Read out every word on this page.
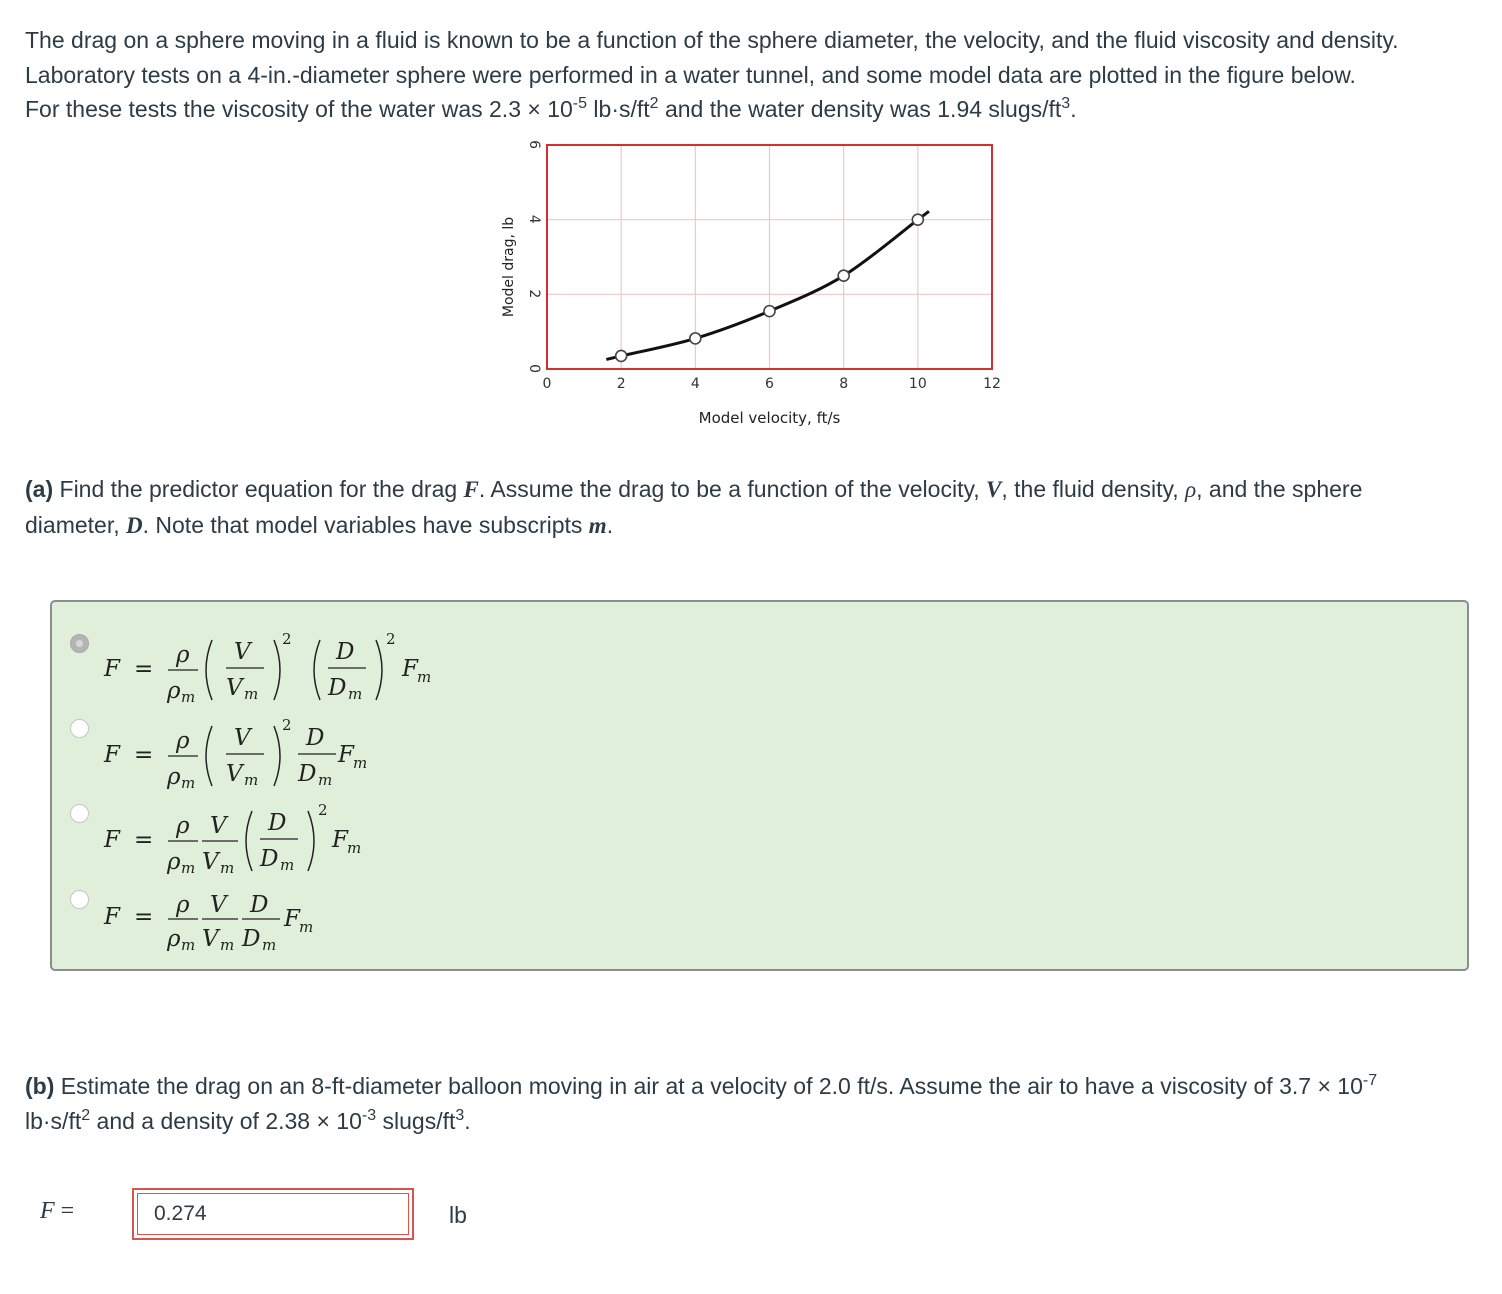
The drag on a sphere moving in a fluid is known to be a function of the sphere diameter, the velocity, and the fluid viscosity and density.
Laboratory tests on a 4-in.-diameter sphere were performed in a water tunnel, and some model data are plotted in the figure below.
For these tests the viscosity of the water was $2.3 \times 10^{-5}$ $lb\cdot s/ft^2$ and the water density was 1.94 slugs/$ft^3$.
0	2	4	6	8	10	12
0
2
4
6
Model velocity, ft/s
Model drag, lb
(a) Find the predictor equation for the drag F. Assume the drag to be a function of the velocity, V, the fluid density, ρ, and the sphere
diameter, D. Note that model variables have subscripts m.
F =
ρ
ρ m
V
V m
2 D
D m
2
F m
F =
ρ
ρ m
V
V m
2 D
D m
F m
F =
ρ
ρ m
V
V m
D
D m
2
F m
F = ρ
ρ m
V
V m
D
D m
F m
(b) Estimate the drag on an 8-ft-diameter balloon moving in air at a velocity of 2.0 ft/s. Assume the air to have a viscosity of $3.7 \times 10^{-7}$
$lb\cdot s/ft^2$ and a density of $2.38 \times 10^{-3}$ slugs/$ft^3$.
F =
0.274	lb
